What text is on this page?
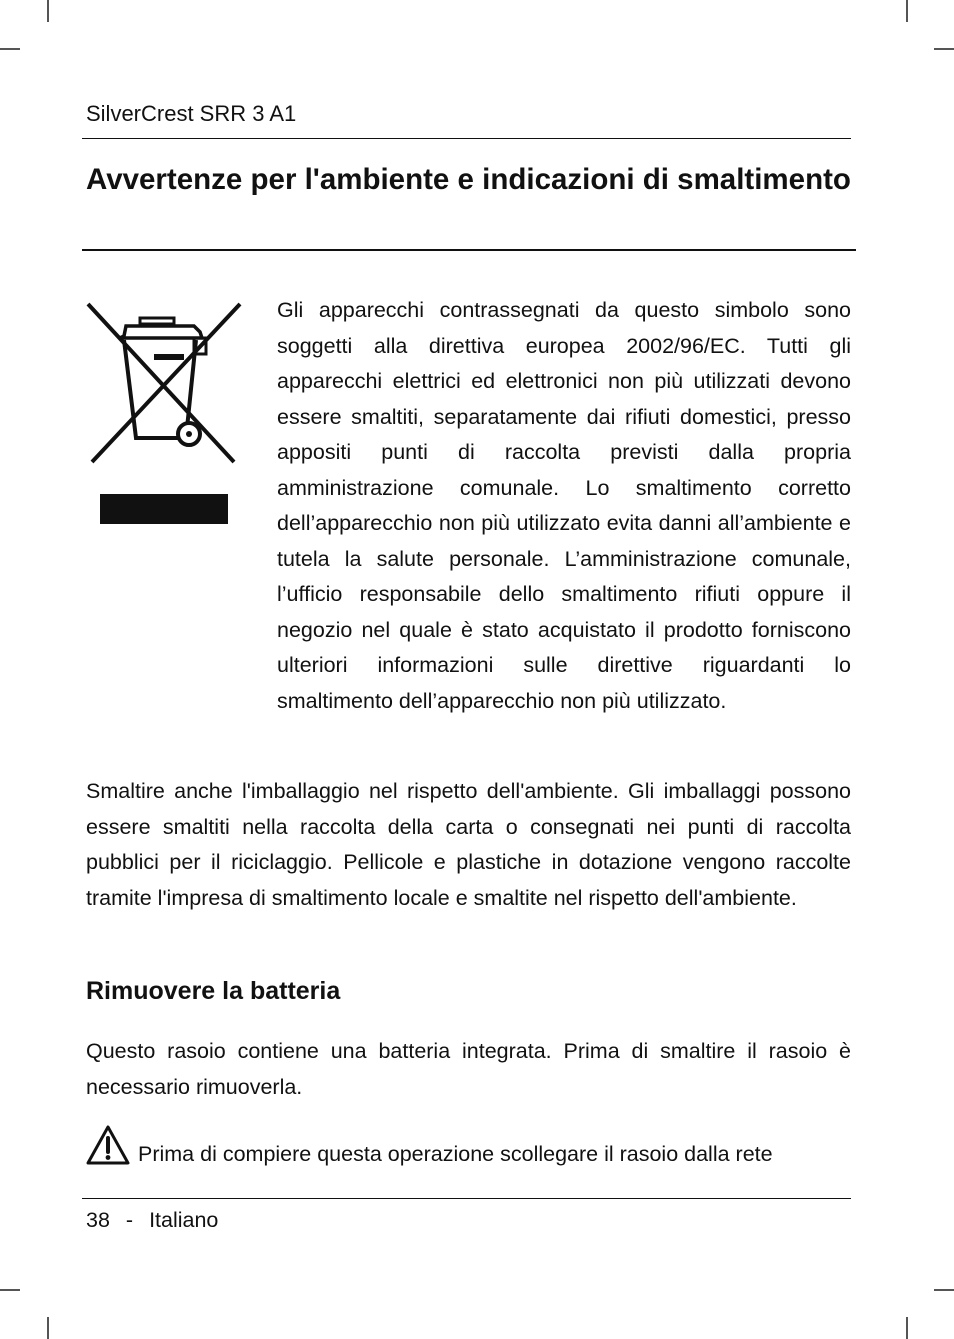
SilverCrest SRR 3 A1
Avvertenze per l'ambiente e indicazioni di smaltimento

Gli apparecchi contrassegnati da questo simbolo sono soggetti alla direttiva europea 2002/96/EC. Tutti gli apparecchi elettrici ed elettronici non più utilizzati devono essere smaltiti, separatamente dai rifiuti domestici, presso appositi punti di raccolta previsti dalla propria amministrazione comunale. Lo smaltimento corretto dell’apparecchio non più utilizzato evita danni all’ambiente e tutela la salute personale. L’amministrazione comunale, l’ufficio responsabile dello smaltimento rifiuti oppure il negozio nel quale è stato acquistato il prodotto forniscono ulteriori informazioni sulle direttive riguardanti lo smaltimento dell’apparecchio non più utilizzato.

Smaltire anche l'imballaggio nel rispetto dell'ambiente. Gli imballaggi possono essere smaltiti nella raccolta della carta o consegnati nei punti di raccolta pubblici per il riciclaggio. Pellicole e plastiche in dotazione vengono raccolte tramite l'impresa di smaltimento locale e smaltite nel rispetto dell'ambiente.

Rimuovere la batteria

Questo rasoio contiene una batteria integrata. Prima di smaltire il rasoio è necessario rimuoverla.

Prima di compiere questa operazione scollegare il rasoio dalla rete
38 - Italiano
